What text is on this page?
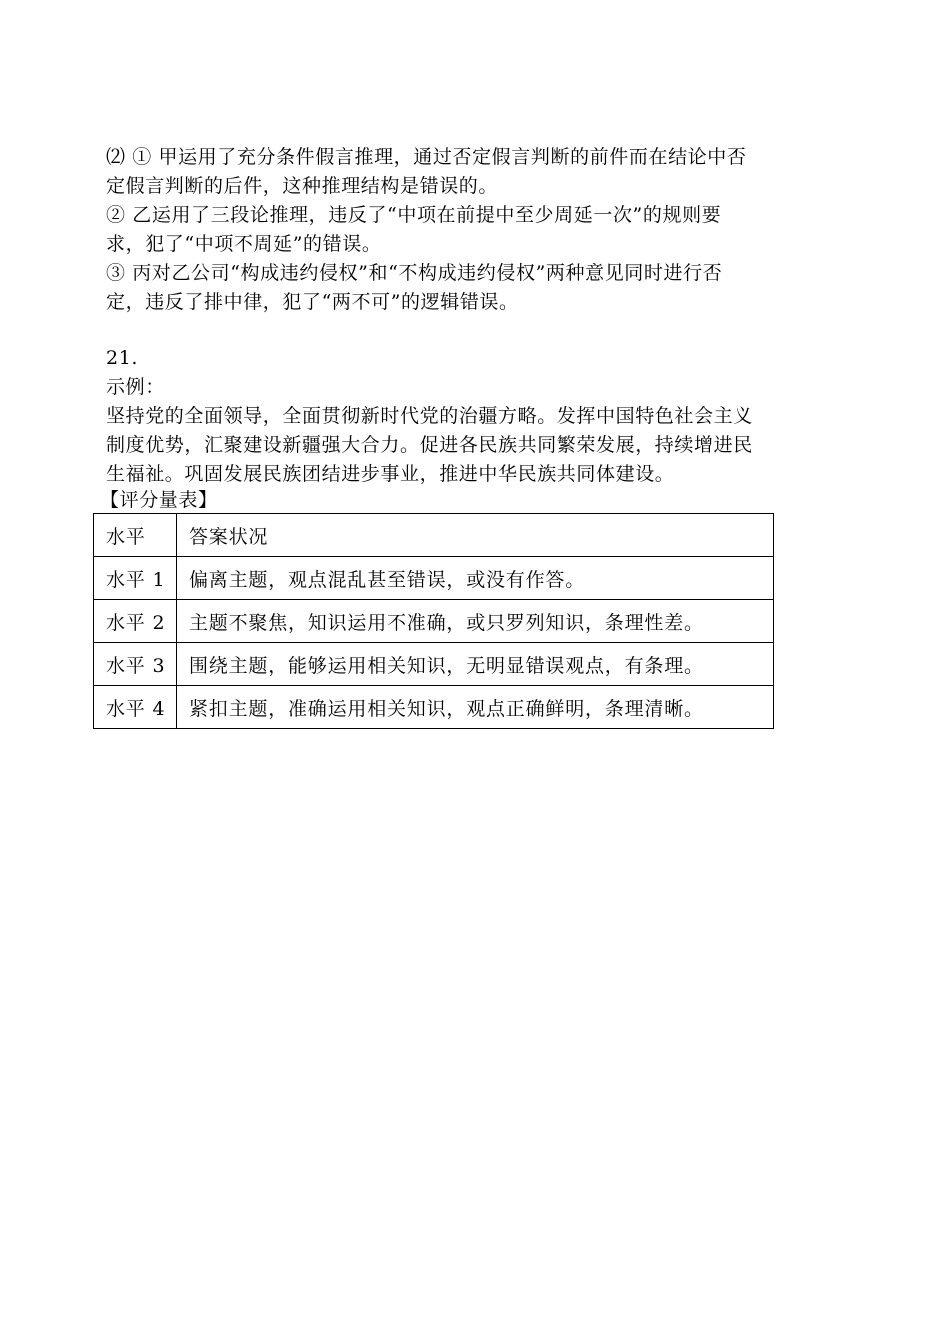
⑵ ① 甲运用了充分条件假言推理，通过否定假言判断的前件而在结论中否
定假言判断的后件，这种推理结构是错误的。
② 乙运用了三段论推理，违反了“中项在前提中至少周延一次”的规则要
求，犯了“中项不周延”的错误。
③ 丙对乙公司“构成违约侵权”和“不构成违约侵权”两种意见同时进行否
定，违反了排中律，犯了“两不可”的逻辑错误。
21.
示例：
坚持党的全面领导，全面贯彻新时代党的治疆方略。发挥中国特色社会主义
制度优势，汇聚建设新疆强大合力。促进各民族共同繁荣发展，持续增进民
生福祉。巩固发展民族团结进步事业，推进中华民族共同体建设。
【评分量表】
水平	答案状况
水平 1	偏离主题，观点混乱甚至错误，或没有作答。
水平 2	主题不聚焦，知识运用不准确，或只罗列知识，条理性差。
水平 3	围绕主题，能够运用相关知识，无明显错误观点，有条理。
水平 4	紧扣主题，准确运用相关知识，观点正确鲜明，条理清晰。
